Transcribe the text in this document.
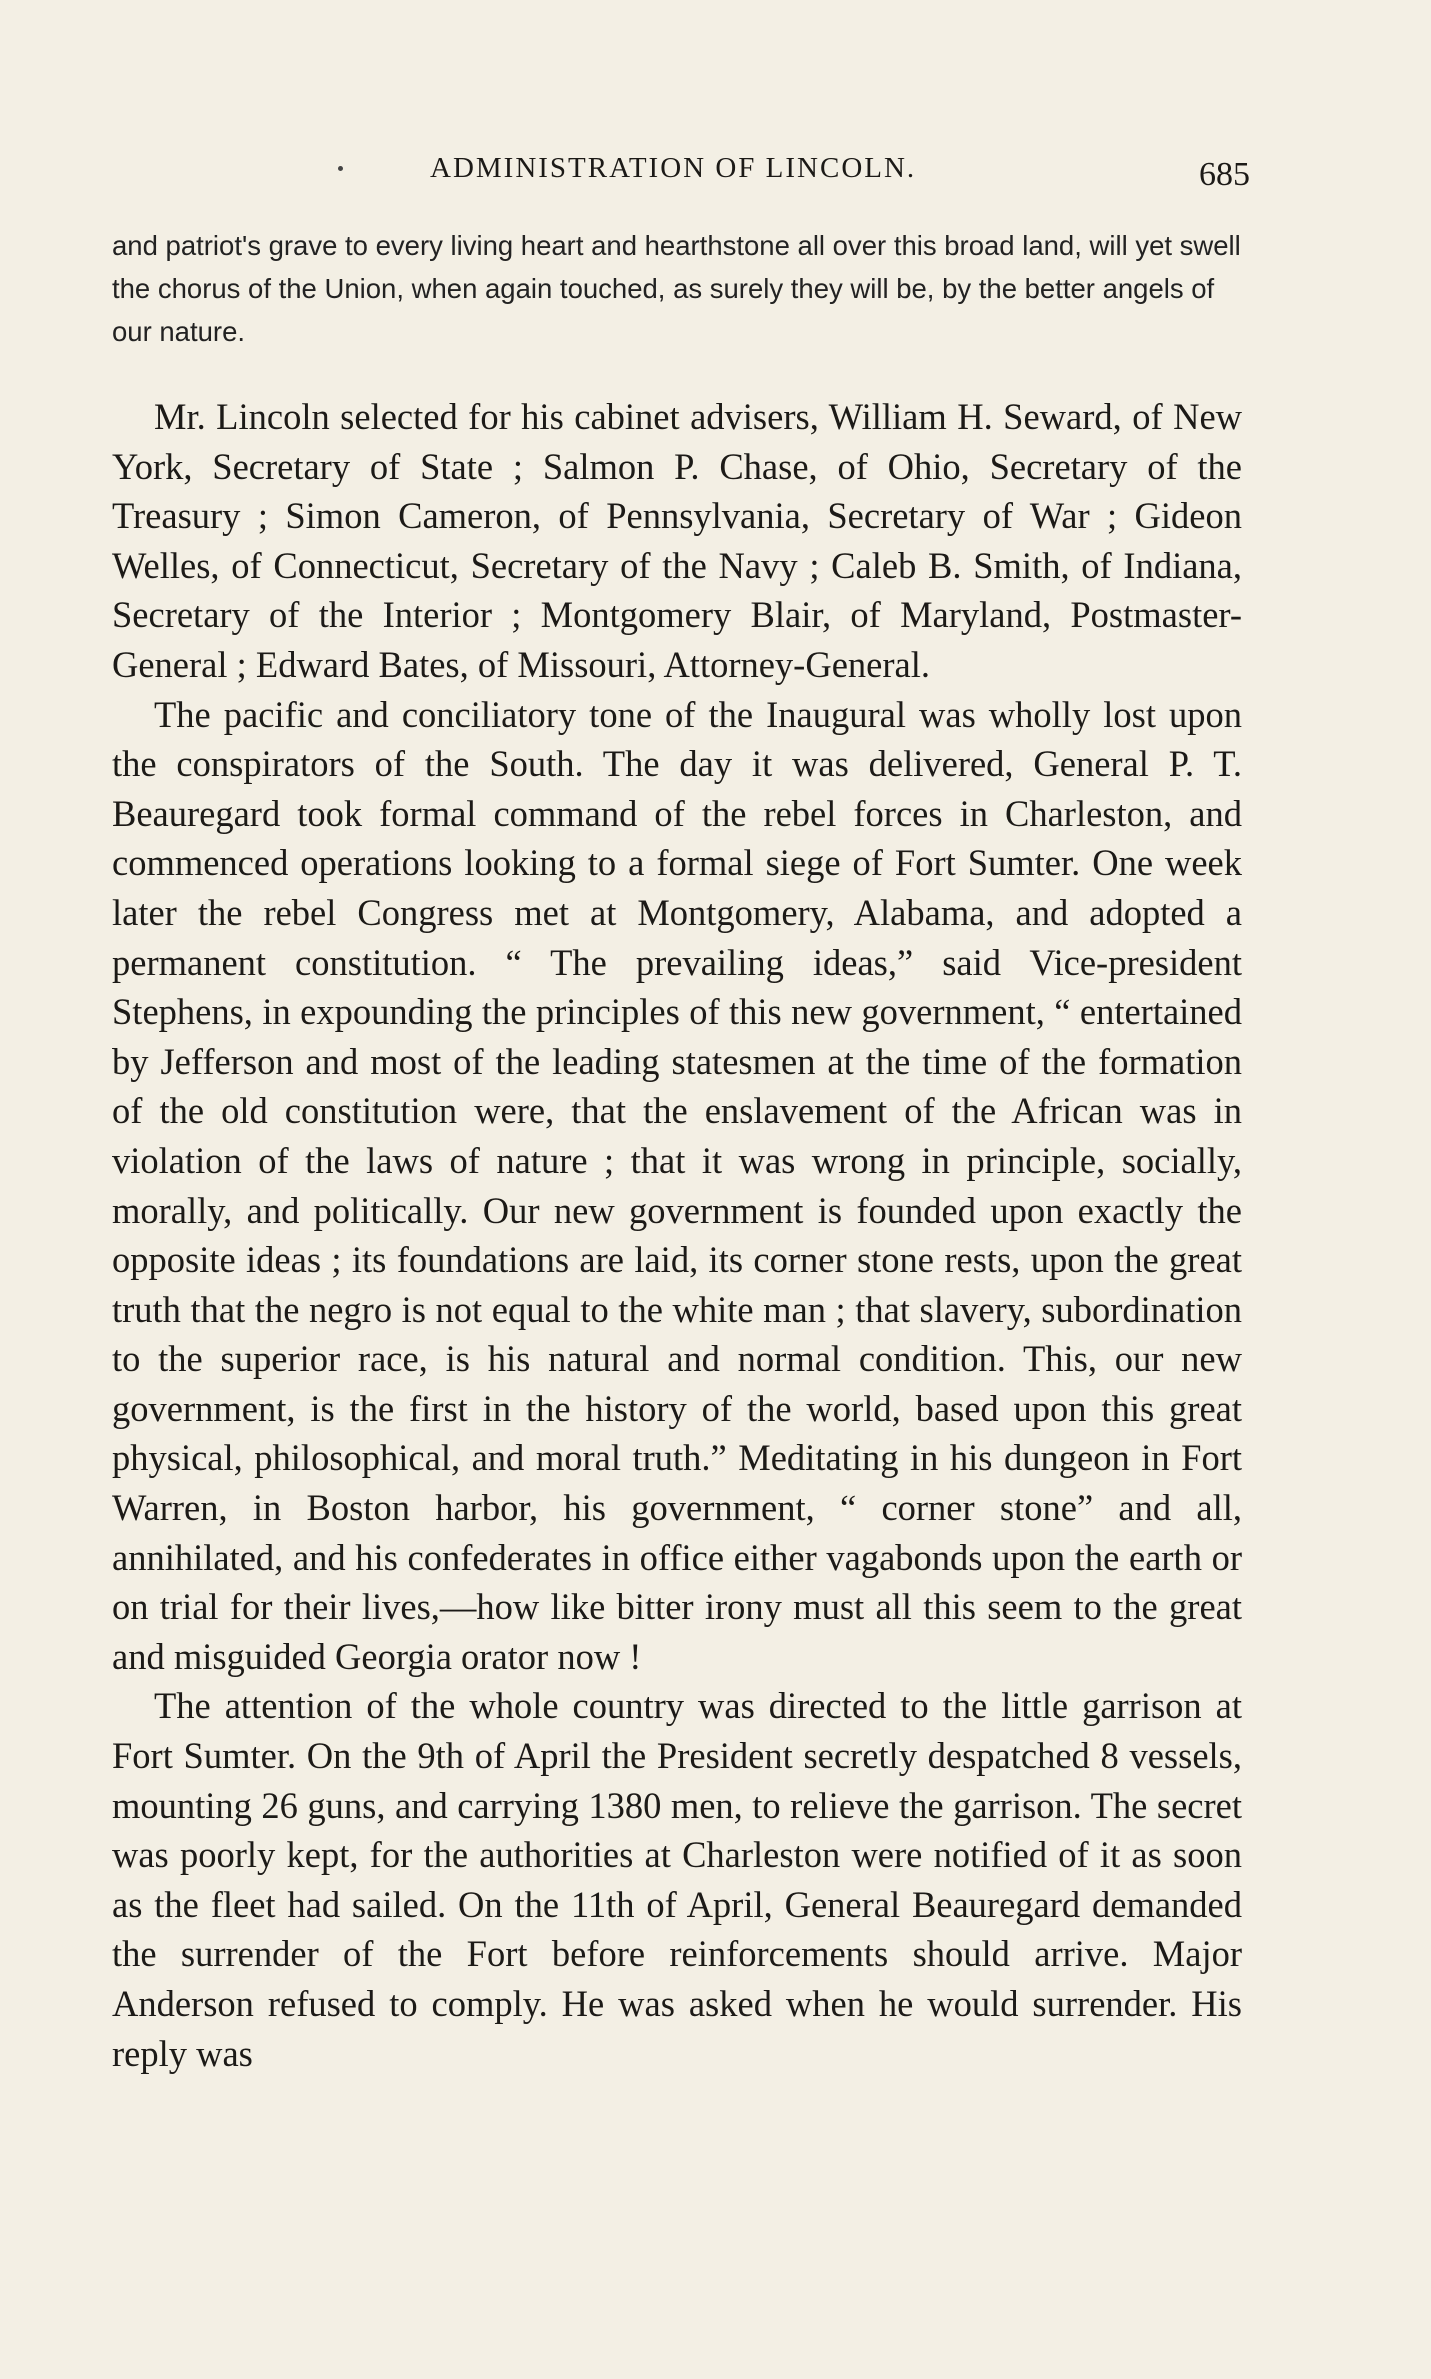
ADMINISTRATION OF LINCOLN.	685
and patriot's grave to every living heart and hearthstone all over this broad land, will yet swell the chorus of the Union, when again touched, as surely they will be, by the better angels of our nature.

Mr. Lincoln selected for his cabinet advisers, William H. Seward, of New York, Secretary of State ; Salmon P. Chase, of Ohio, Secretary of the Treasury ; Simon Cameron, of Pennsylvania, Secretary of War ; Gideon Welles, of Connecticut, Secretary of the Navy ; Caleb B. Smith, of Indiana, Secretary of the Interior ; Montgomery Blair, of Maryland, Postmaster-General ; Edward Bates, of Missouri, Attorney-General.

The pacific and conciliatory tone of the Inaugural was wholly lost upon the conspirators of the South. The day it was delivered, General P. T. Beauregard took formal command of the rebel forces in Charleston, and commenced operations looking to a formal siege of Fort Sumter. One week later the rebel Congress met at Montgomery, Alabama, and adopted a permanent constitution. “ The prevailing ideas,” said Vice-president Stephens, in expounding the principles of this new government, “ entertained by Jefferson and most of the leading statesmen at the time of the formation of the old constitution were, that the enslavement of the African was in violation of the laws of nature ; that it was wrong in principle, socially, morally, and politically. Our new government is founded upon exactly the opposite ideas ; its foundations are laid, its corner stone rests, upon the great truth that the negro is not equal to the white man ; that slavery, subordination to the superior race, is his natural and normal condition. This, our new government, is the first in the history of the world, based upon this great physical, philosophical, and moral truth.” Meditating in his dungeon in Fort Warren, in Boston harbor, his government, “ corner stone” and all, annihilated, and his confederates in office either vagabonds upon the earth or on trial for their lives,—how like bitter irony must all this seem to the great and misguided Georgia orator now !

The attention of the whole country was directed to the little garrison at Fort Sumter. On the 9th of April the President secretly despatched 8 vessels, mounting 26 guns, and carrying 1380 men, to relieve the garrison. The secret was poorly kept, for the authorities at Charleston were notified of it as soon as the fleet had sailed. On the 11th of April, General Beauregard demanded the surrender of the Fort before reinforcements should arrive. Major Anderson refused to comply. He was asked when he would surrender. His reply was
